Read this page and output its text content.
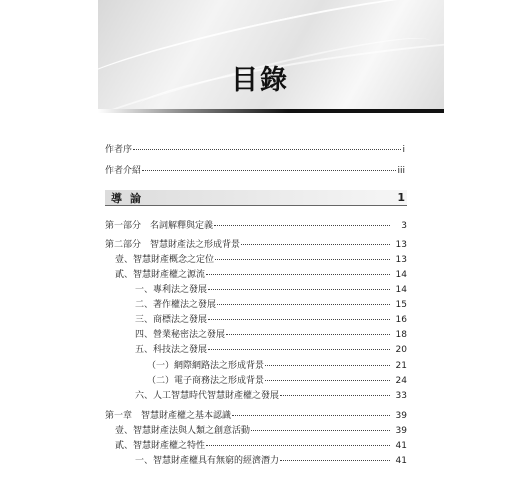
目錄
作者序	i
作者介紹	iii
導論	1
第一部分　名詞解釋與定義	3
第二部分　智慧財產法之形成背景	13
壹、智慧財產概念之定位	13
貳、智慧財產權之源流	14
一、專利法之發展	14
二、著作權法之發展	15
三、商標法之發展	16
四、營業秘密法之發展	18
五、科技法之發展	20
（一）網際網路法之形成背景	21
（二）電子商務法之形成背景	24
六、人工智慧時代智慧財產權之發展	33
第一章　智慧財產權之基本認識	39
壹、智慧財產法與人類之創意活動	39
貳、智慧財產權之特性	41
一、智慧財產權具有無窮的經濟潛力	41
